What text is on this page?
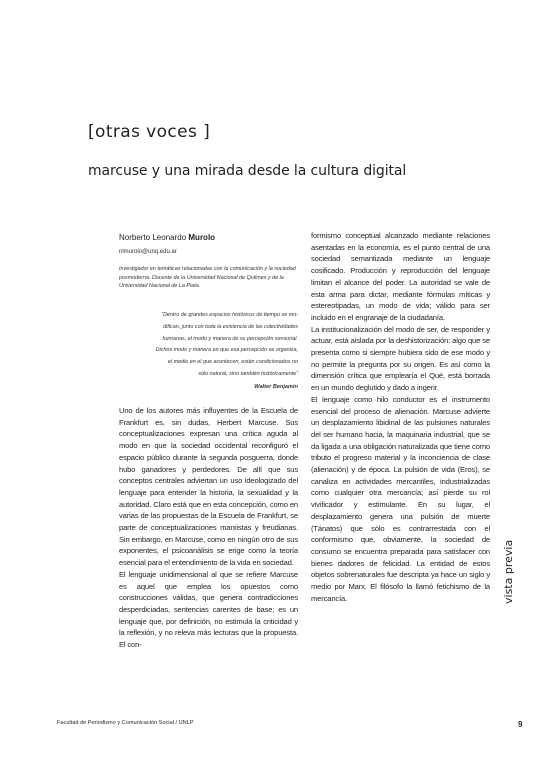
[otras voces ]
marcuse y una mirada desde la cultura digital
Norberto Leonardo Murolo
nlmurolo@unq.edu.ar
Investigador en temáticas relacionadas con la comunicación y la sociedad posmoderna. Docente de la Universidad Nacional de Quilmes y de la Universidad Nacional de La Plata.
“Dentro de grandes espacios históricos de tiempo se mo-
difican, junto con toda la existencia de las colectividades
humanas, el modo y manera de su percepción sensorial.
Dichos modo y manera en que esa percepción se organiza,
el medio en el que acontecen, están condicionados no
sólo natural, sino también históricamente”
Walter Benjamin

Uno de los autores más influyentes de la Escuela de Frankfurt es, sin dudas, Herbert Marcuse. Sus conceptualizaciones expresan una crítica aguda al modo en que la sociedad occidental reconfiguró el espacio público durante la segunda posguerra, donde hubo ganadores y perdedores. De allí que sus conceptos centrales adviertan un uso ideologizado del lenguaje para entender la historia, la sexualidad y la autoridad. Claro está que en esta concepción, como en varias de las propuestas de la Escuela de Frankfurt, se parte de conceptualizaciones marxistas y freudianas. Sin embargo, en Marcuse, como en ningún otro de sus exponentes, el psicoanálisis se erige como la teoría esencial para el entendimiento de la vida en sociedad.

El lenguaje unidimensional al que se refiere Marcuse es aquel que emplea los opuestos como construcciones válidas, que genera contradicciones desperdiciadas, sentencias carentes de base; es un lenguaje que, por definición, no estimula la criticidad y la reflexión, y no releva más lecturas que la propuesta. El con-

formismo conceptual alcanzado mediante relaciones asentadas en la economía, es el punto central de una sociedad semantizada mediante un lenguaje cosificado. Producción y reproducción del lenguaje limitan el alcance del poder. La autoridad se vale de esta arma para dictar, mediante fórmulas míticas y estereotipadas, un modo de vida; válido para ser incluido en el engranaje de la ciudadanía.

La institucionalización del modo de ser, de responder y actuar, está aislada por la deshistorización: algo que se presenta como si siempre hubiera sido de ese modo y no permite la pregunta por su origen. Es así como la dimensión crítica que emplearía el Qué, está borrada en un mundo deglutido y dado a ingerir.

El lenguaje como hilo conductor es el instrumento esencial del proceso de alienación. Marcuse advierte un desplazamiento libidinal de las pulsiones naturales del ser humano hacia, la maquinaria industrial, que se da ligada a una obligación naturalizada que tiene como tributo el progreso material y la inconciencia de clase (alienación) y de época. La pulsión de vida (Eros), se canaliza en actividades mercantiles, industrializadas como cualquier otra mercancía; así pierde su rol vivificador y estimulante. En su lugar, el desplazamiento genera una pulsión de muerte (Tánatos) que sólo es contrarrestada con el conformismo que, obviamente, la sociedad de consumo se encuentra preparada para satisfacer con bienes dadores de felicidad. La entidad de estos objetos sobrenaturales fue descripta ya hace un siglo y medio por Marx. El filósofo la llamó fetichismo de la mercancía.	vista previa
Facultad de Periodismo y Comunicación Social / UNLP	9
